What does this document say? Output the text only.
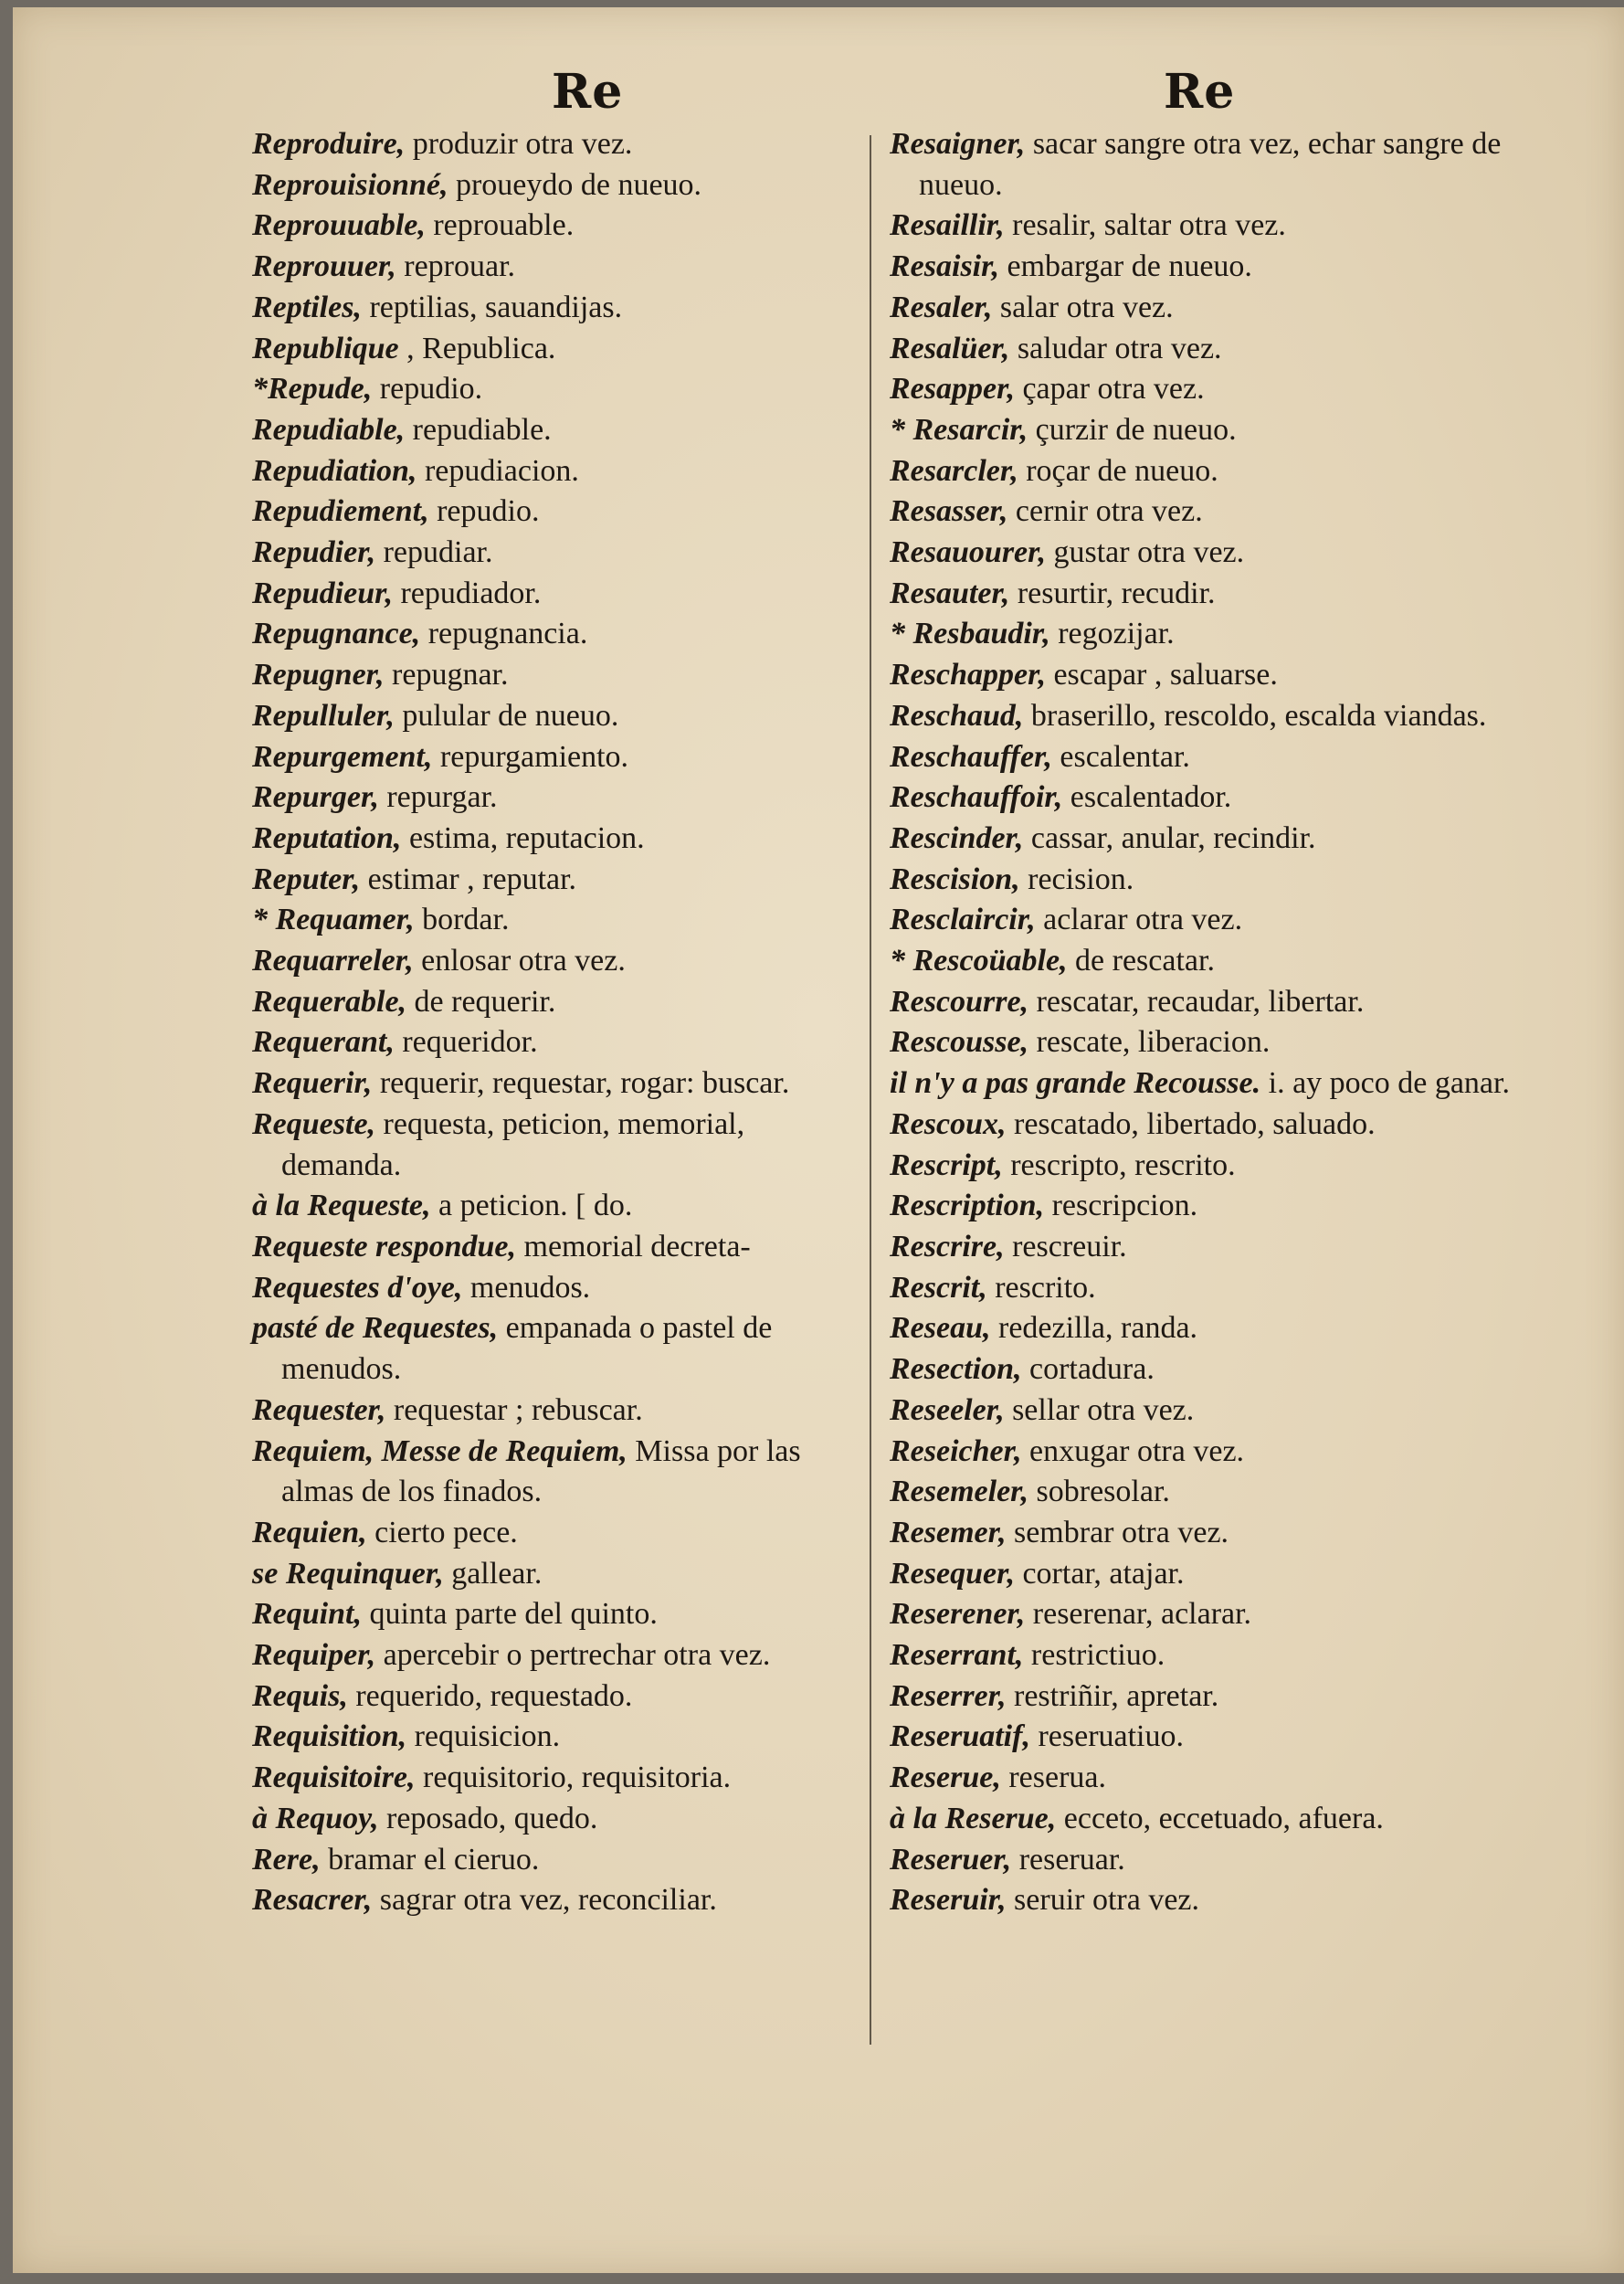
Re	Re
Reproduire, produzir otra vez.
Reprouisionné, proueydo de nueuo.
Reprouuable, reprouable.
Reprouuer, reprouar.
Reptiles, reptilias, sauandijas.
Republique , Republica.
*Repude, repudio.
Repudiable, repudiable.
Repudiation, repudiacion.
Repudiement, repudio.
Repudier, repudiar.
Repudieur, repudiador.
Repugnance, repugnancia.
Repugner, repugnar.
Repulluler, pulular de nueuo.
Repurgement, repurgamiento.
Repurger, repurgar.
Reputation, estima, reputacion.
Reputer, estimar , reputar.
* Requamer, bordar.
Requarreler, enlosar otra vez.
Requerable, de requerir.
Requerant, requeridor.
Requerir, requerir, requestar, rogar: buscar.
Requeste, requesta, peticion, memorial, demanda.
à la Requeste, a peticion. [ do.
Requeste respondue, memorial decreta-
Requestes d'oye, menudos.
pasté de Requestes, empanada o pastel de menudos.
Requester, requestar ; rebuscar.
Requiem, Messe de Requiem, Missa por las almas de los finados.
Requien, cierto pece.
se Requinquer, gallear.
Requint, quinta parte del quinto.
Requiper, apercebir o pertrechar otra vez.
Requis, requerido, requestado.
Requisition, requisicion.
Requisitoire, requisitorio, requisitoria.
à Requoy, reposado, quedo.
Rere, bramar el cieruo.
Resacrer, sagrar otra vez, reconciliar.
Resaigner, sacar sangre otra vez, echar sangre de nueuo.
Resaillir, resalir, saltar otra vez.
Resaisir, embargar de nueuo.
Resaler, salar otra vez.
Resalüer, saludar otra vez.
Resapper, çapar otra vez.
* Resarcir, çurzir de nueuo.
Resarcler, roçar de nueuo.
Resasser, cernir otra vez.
Resauourer, gustar otra vez.
Resauter, resurtir, recudir.
* Resbaudir, regozijar.
Reschapper, escapar , saluarse.
Reschaud, braserillo, rescoldo, escalda viandas.
Reschauffer, escalentar.
Reschauffoir, escalentador.
Rescinder, cassar, anular, recindir.
Rescision, recision.
Resclaircir, aclarar otra vez.
* Rescoüable, de rescatar.
Rescourre, rescatar, recaudar, libertar.
Rescousse, rescate, liberacion.
il n'y a pas grande Recousse. i. ay poco de ganar.
Rescoux, rescatado, libertado, saluado.
Rescript, rescripto, rescrito.
Rescription, rescripcion.
Rescrire, rescreuir.
Rescrit, rescrito.
Reseau, redezilla, randa.
Resection, cortadura.
Reseeler, sellar otra vez.
Reseicher, enxugar otra vez.
Resemeler, sobresolar.
Resemer, sembrar otra vez.
Resequer, cortar, atajar.
Reserener, reserenar, aclarar.
Reserrant, restrictiuo.
Reserrer, restriñir, apretar.
Reseruatif, reseruatiuo.
Reserue, reserua.
à la Reserue, ecceto, eccetuado, afuera.
Reseruer, reseruar.
Reseruir, seruir otra vez.
